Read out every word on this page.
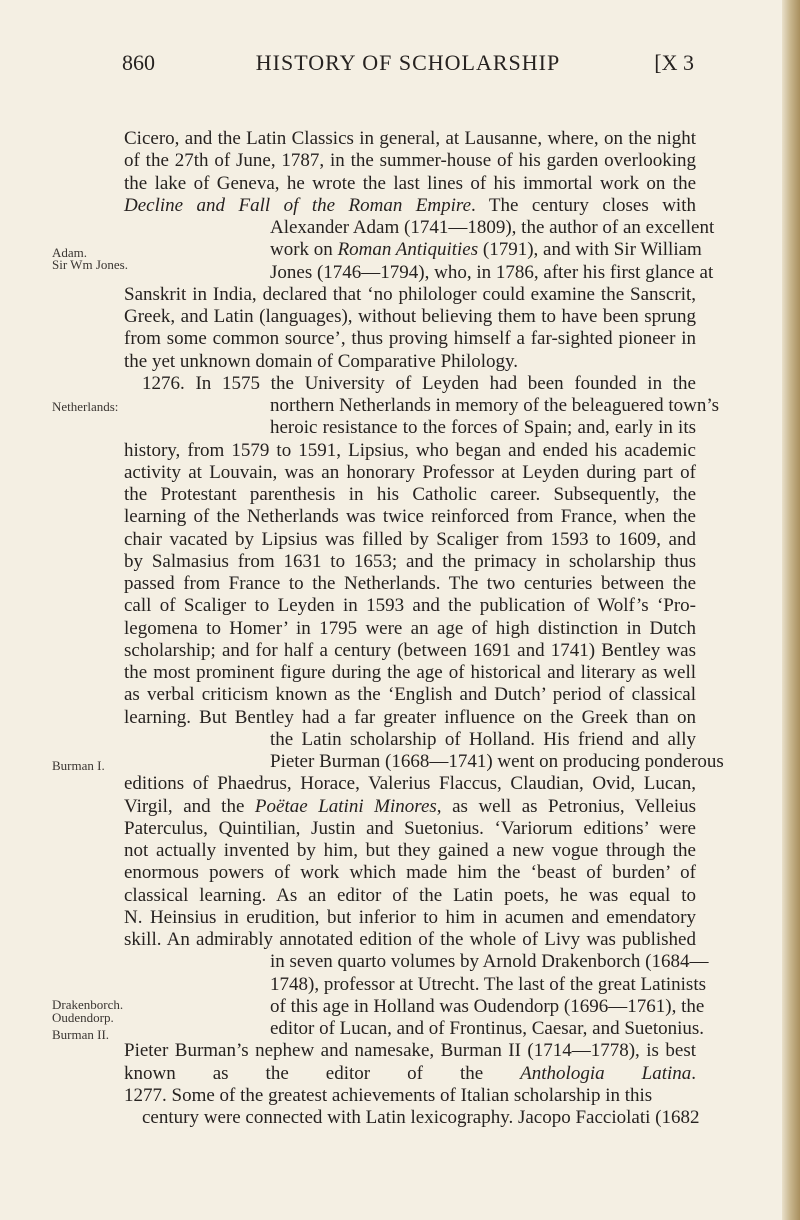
860	HISTORY OF SCHOLARSHIP	[X 3
Adam.
Sir Wm Jones.
Netherlands:
Burman I.
Drakenborch.
Oudendorp.
Burman II.
Cicero, and the Latin Classics in general, at Lausanne, where, on the night
of the 27th of June, 1787, in the summer-house of his garden overlooking
the lake of Geneva, he wrote the last lines of his immortal work on the
Decline and Fall of the Roman Empire. The century closes with
Alexander Adam (1741—1809), the author of an excellent
work on Roman Antiquities (1791), and with Sir William
Jones (1746—1794), who, in 1786, after his first glance at
Sanskrit in India, declared that ‘no philologer could examine the Sanscrit,
Greek, and Latin (languages), without believing them to have been sprung
from some common source’, thus proving himself a far-sighted pioneer in
the yet unknown domain of Comparative Philology.
1276. In 1575 the University of Leyden had been founded in the
northern Netherlands in memory of the beleaguered town’s
heroic resistance to the forces of Spain; and, early in its
history, from 1579 to 1591, Lipsius, who began and ended his academic
activity at Louvain, was an honorary Professor at Leyden during part of
the Protestant parenthesis in his Catholic career. Subsequently, the
learning of the Netherlands was twice reinforced from France, when the
chair vacated by Lipsius was filled by Scaliger from 1593 to 1609, and
by Salmasius from 1631 to 1653; and the primacy in scholarship thus
passed from France to the Netherlands. The two centuries between the
call of Scaliger to Leyden in 1593 and the publication of Wolf’s ‘Pro-
legomena to Homer’ in 1795 were an age of high distinction in Dutch
scholarship; and for half a century (between 1691 and 1741) Bentley was
the most prominent figure during the age of historical and literary as well
as verbal criticism known as the ‘English and Dutch’ period of classical
learning. But Bentley had a far greater influence on the Greek than on
the Latin scholarship of Holland. His friend and ally
Pieter Burman (1668—1741) went on producing ponderous
editions of Phaedrus, Horace, Valerius Flaccus, Claudian, Ovid, Lucan,
Virgil, and the Poëtae Latini Minores, as well as Petronius, Velleius
Paterculus, Quintilian, Justin and Suetonius. ‘Variorum editions’ were
not actually invented by him, but they gained a new vogue through the
enormous powers of work which made him the ‘beast of burden’ of
classical learning. As an editor of the Latin poets, he was equal to
N. Heinsius in erudition, but inferior to him in acumen and emendatory
skill. An admirably annotated edition of the whole of Livy was published
in seven quarto volumes by Arnold Drakenborch (1684—
1748), professor at Utrecht. The last of the great Latinists
of this age in Holland was Oudendorp (1696—1761), the
editor of Lucan, and of Frontinus, Caesar, and Suetonius.
Pieter Burman’s nephew and namesake, Burman II (1714—1778), is best
known as the editor of the Anthologia Latina.
1277. Some of the greatest achievements of Italian scholarship in this
century were connected with Latin lexicography. Jacopo Facciolati (1682
